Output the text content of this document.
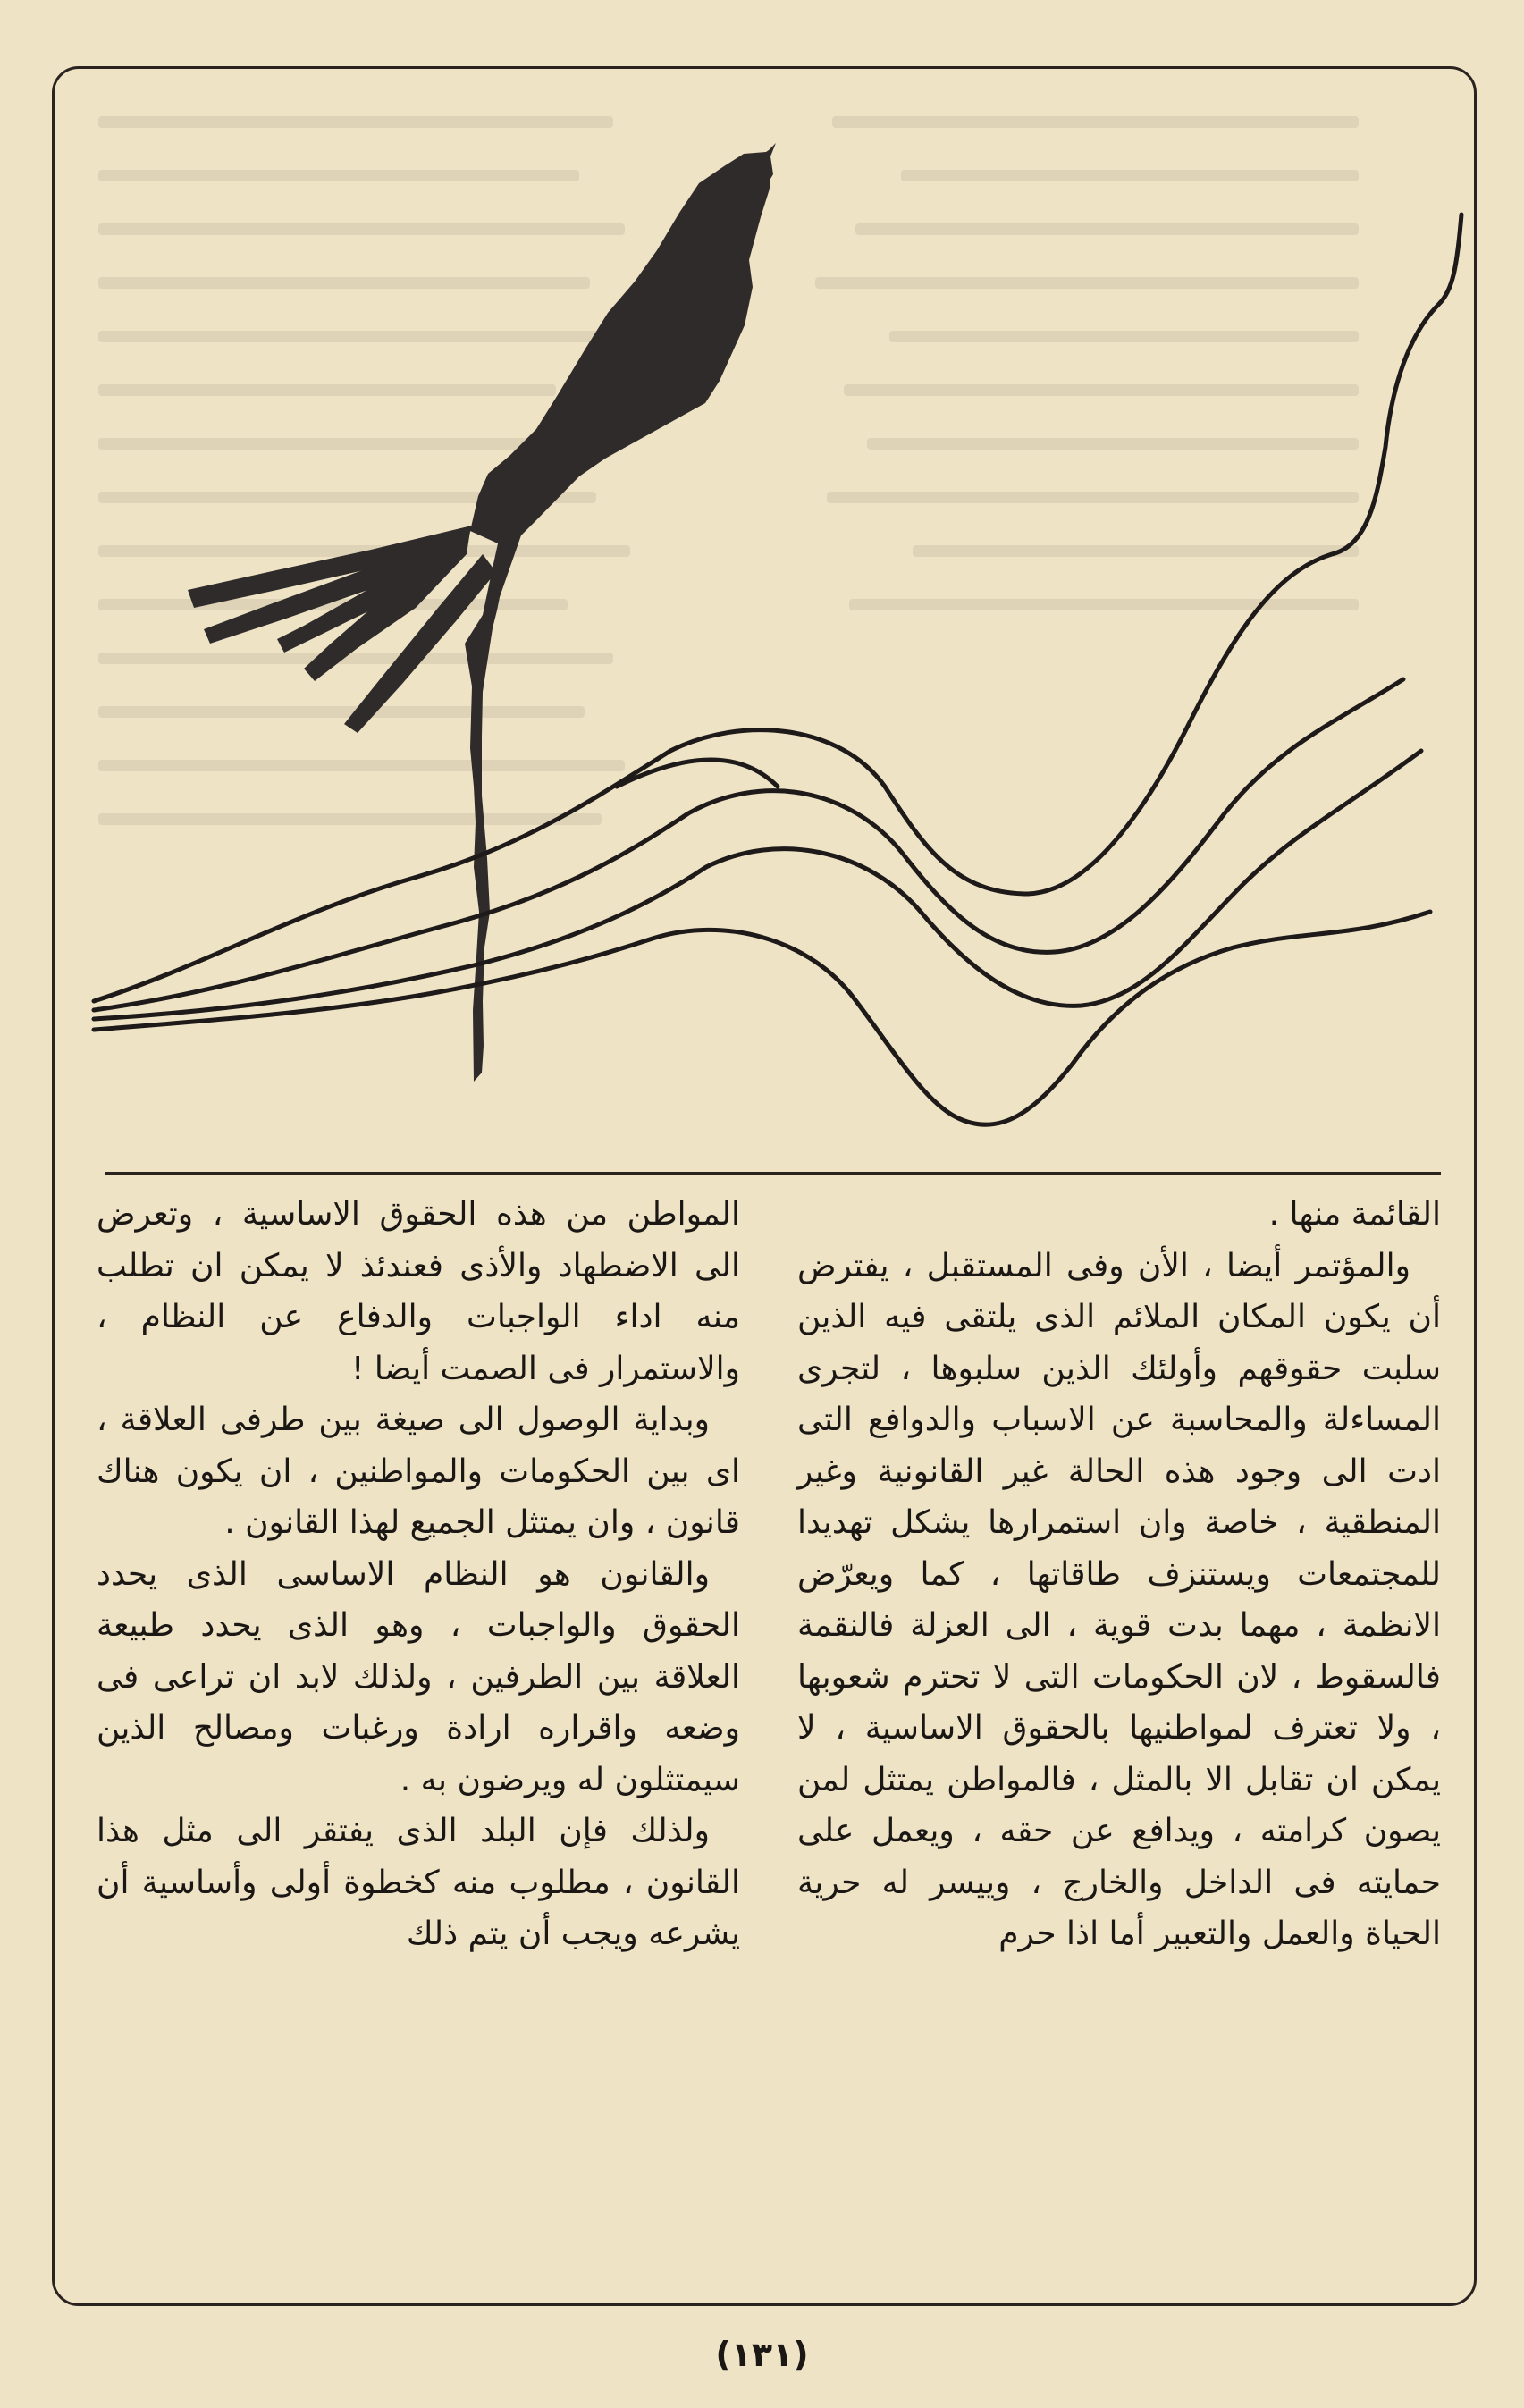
القائمة منها .

والمؤتمر أيضا ، الأن وفى المستقبل ، يفترض أن يكون المكان الملائم الذى يلتقى فيه الذين سلبت حقوقهم وأولئك الذين سلبوها ، لتجرى المساءلة والمحاسبة عن الاسباب والدوافع التى ادت الى وجود هذه الحالة غير القانونية وغير المنطقية ، خاصة وان استمرارها يشكل تهديدا للمجتمعات ويستنزف طاقاتها ، كما ويعرّض الانظمة ، مهما بدت قوية ، الى العزلة فالنقمة فالسقوط ، لان الحكومات التى لا تحترم شعوبها ، ولا تعترف لمواطنيها بالحقوق الاساسية ، لا يمكن ان تقابل الا بالمثل ، فالمواطن يمتثل لمن يصون كرامته ، ويدافع عن حقه ، ويعمل على حمايته فى الداخل والخارج ، وييسر له حرية الحياة والعمل والتعبير أما اذا حرم

المواطن من هذه الحقوق الاساسية ، وتعرض الى الاضطهاد والأذى فعندئذ لا يمكن ان تطلب منه اداء الواجبات والدفاع عن النظام ، والاستمرار فى الصمت أيضا !

وبداية الوصول الى صيغة بين طرفى العلاقة ، اى بين الحكومات والمواطنين ، ان يكون هناك قانون ، وان يمتثل الجميع لهذا القانون .

والقانون هو النظام الاساسى الذى يحدد الحقوق والواجبات ، وهو الذى يحدد طبيعة العلاقة بين الطرفين ، ولذلك لابد ان تراعى فى وضعه واقراره ارادة ورغبات ومصالح الذين سيمتثلون له ويرضون به .

ولذلك فإن البلد الذى يفتقر الى مثل هذا القانون ، مطلوب منه كخطوة أولى وأساسية أن يشرعه ويجب أن يتم ذلك

(١٣١)
